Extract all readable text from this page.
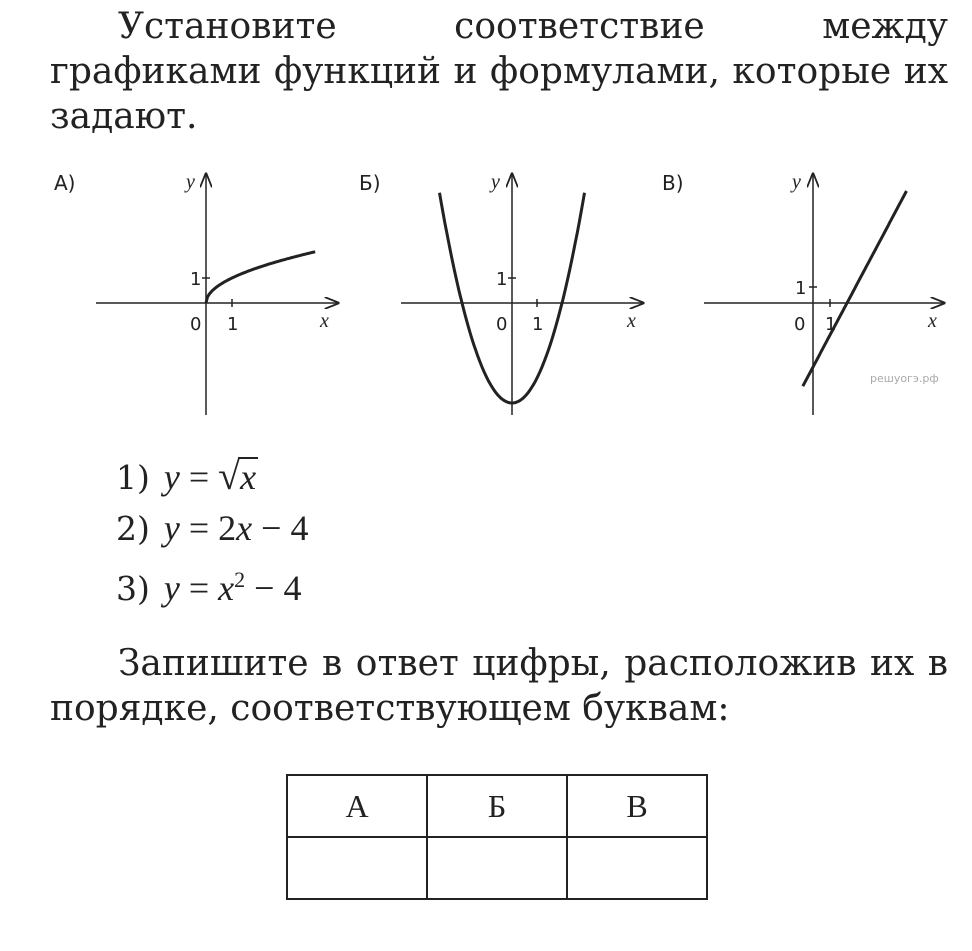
Установите соответствие между графиками функций и формулами, которые их задают.

А)	y
x
0 1
1
Б)	y
x
0 1
1
В)	y
x
0 1
1
решуогэ.рф
1) y = √x
2) y = 2x − 4
3) $y = x^2 - 4$

Запишите в ответ цифры, расположив их в порядке, соответствующем буквам:

А	Б	В
